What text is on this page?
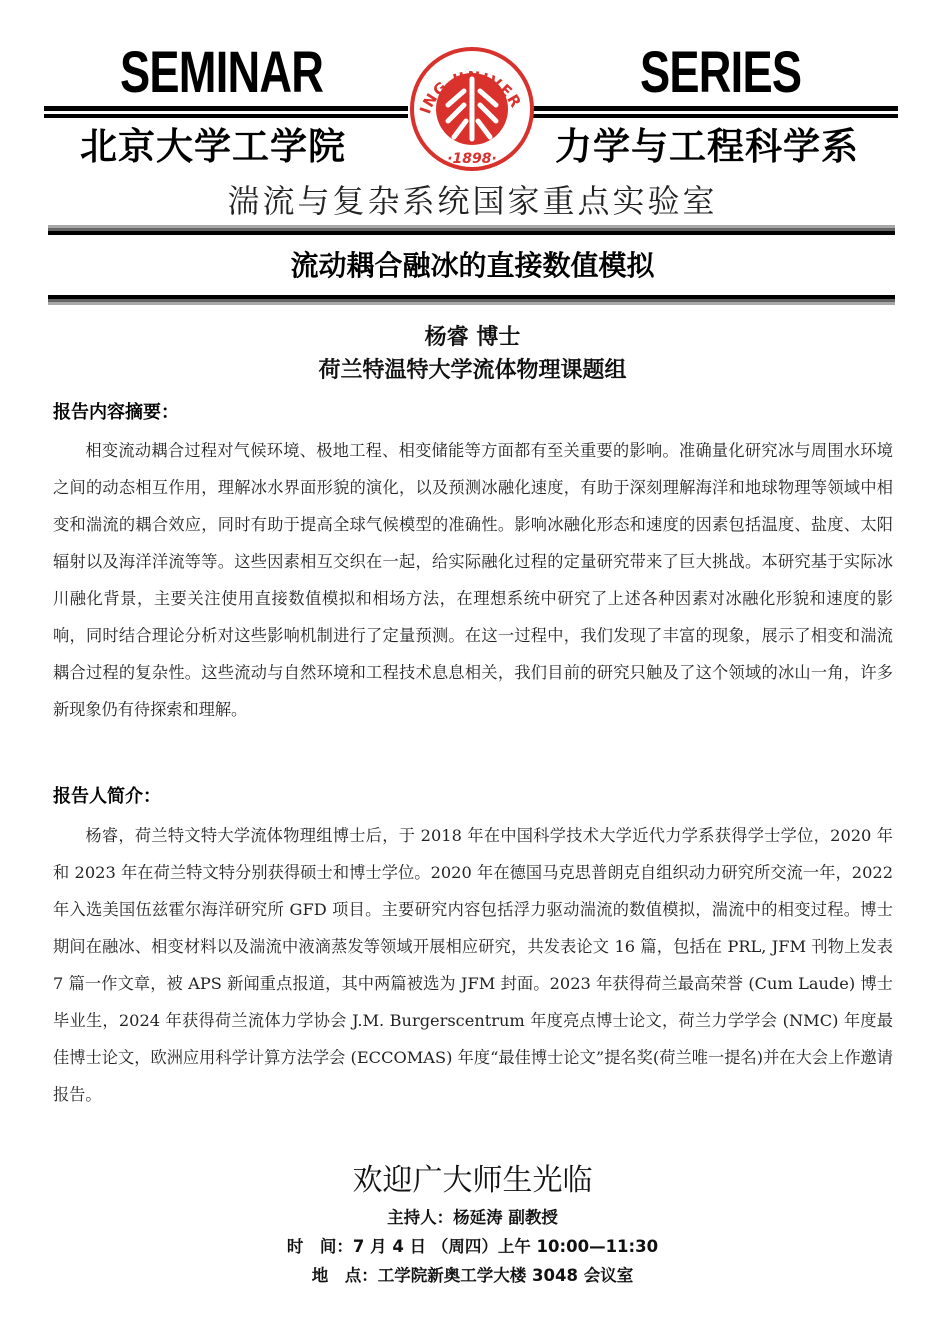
SEMINAR	SERIES
北京大学工学院	力学与工程科学系
ING UNIVER
·1898·
湍流与复杂系统国家重点实验室
流动耦合融冰的直接数值模拟
杨睿 博士
荷兰特温特大学流体物理课题组
报告内容摘要：
相变流动耦合过程对气候环境、极地工程、相变储能等方面都有至关重要的影响。准确量化研究冰与周围水环境之间的动态相互作用，理解冰水界面形貌的演化，以及预测冰融化速度，有助于深刻理解海洋和地球物理等领域中相变和湍流的耦合效应，同时有助于提高全球气候模型的准确性。影响冰融化形态和速度的因素包括温度、盐度、太阳辐射以及海洋洋流等等。这些因素相互交织在一起，给实际融化过程的定量研究带来了巨大挑战。本研究基于实际冰川融化背景，主要关注使用直接数值模拟和相场方法，在理想系统中研究了上述各种因素对冰融化形貌和速度的影响，同时结合理论分析对这些影响机制进行了定量预测。在这一过程中，我们发现了丰富的现象，展示了相变和湍流耦合过程的复杂性。这些流动与自然环境和工程技术息息相关，我们目前的研究只触及了这个领域的冰山一角，许多新现象仍有待探索和理解。
报告人简介：
杨睿，荷兰特文特大学流体物理组博士后，于 2018 年在中国科学技术大学近代力学系获得学士学位，2020 年和 2023 年在荷兰特文特分别获得硕士和博士学位。2020 年在德国马克思普朗克自组织动力研究所交流一年，2022 年入选美国伍兹霍尔海洋研究所 GFD 项目。主要研究内容包括浮力驱动湍流的数值模拟，湍流中的相变过程。博士期间在融冰、相变材料以及湍流中液滴蒸发等领域开展相应研究，共发表论文 16 篇，包括在 PRL, JFM 刊物上发表 7 篇一作文章，被 APS 新闻重点报道，其中两篇被选为 JFM 封面。2023 年获得荷兰最高荣誉 (Cum Laude) 博士毕业生，2024 年获得荷兰流体力学协会 J.M. Burgerscentrum 年度亮点博士论文，荷兰力学学会 (NMC) 年度最佳博士论文，欧洲应用科学计算方法学会 (ECCOMAS) 年度“最佳博士论文”提名奖(荷兰唯一提名)并在大会上作邀请报告。
欢迎广大师生光临
主持人：杨延涛 副教授
时　间：7 月 4 日 （周四）上午 10:00—11:30
地　点：工学院新奥工学大楼 3048 会议室
